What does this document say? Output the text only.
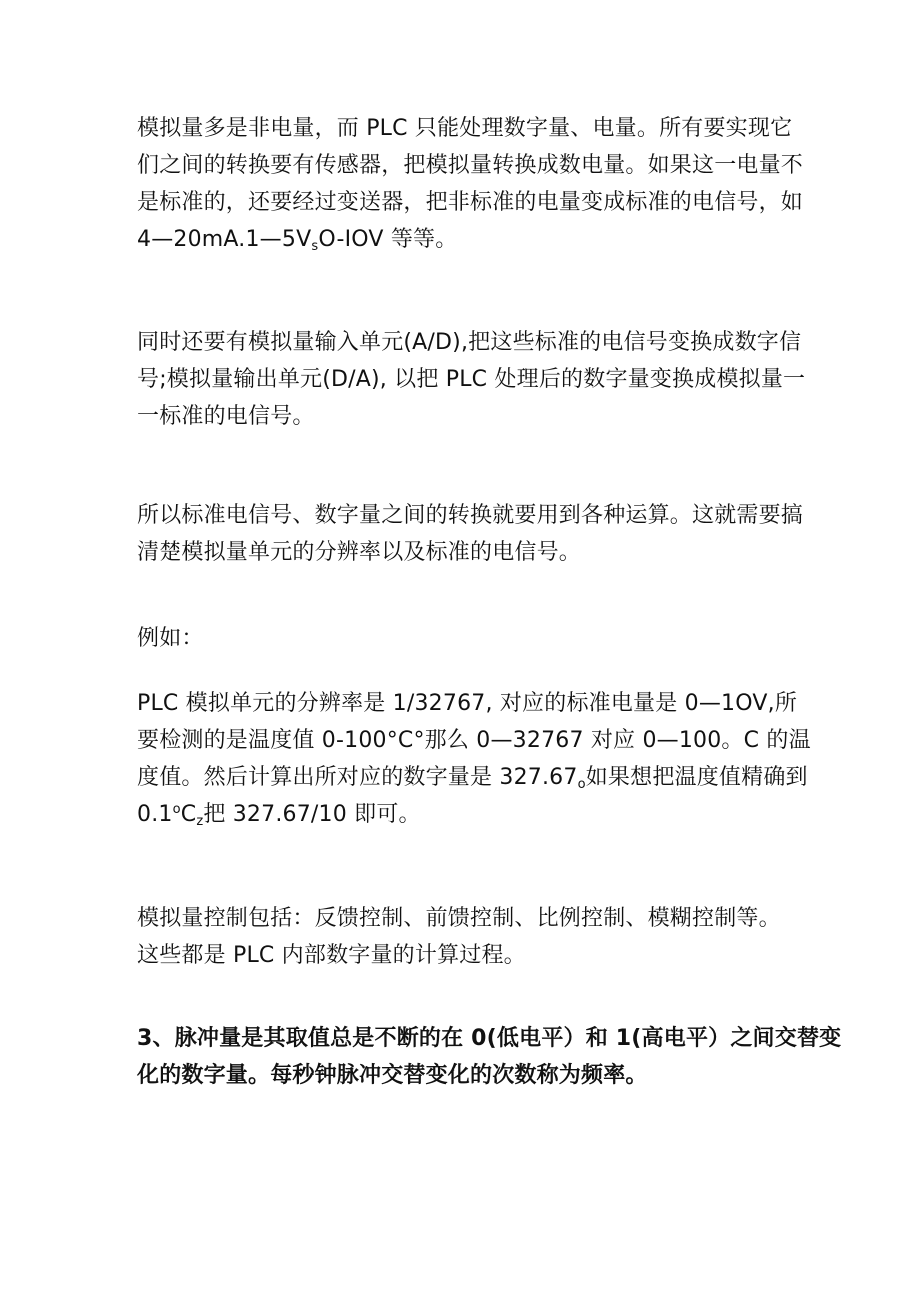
模拟量多是非电量，而 PLC 只能处理数字量、电量。所有要实现它
们之间的转换要有传感器，把模拟量转换成数电量。如果这一电量不
是标准的，还要经过变送器，把非标准的电量变成标准的电信号，如
$4—20mA.1—5V_sO$-IOV 等等。

同时还要有模拟量输入单元(A/D),把这些标准的电信号变换成数字信
号;模拟量输出单元(D/A), 以把 PLC 处理后的数字量变换成模拟量一
一标准的电信号。

所以标准电信号、数字量之间的转换就要用到各种运算。这就需要搞
清楚模拟量单元的分辨率以及标准的电信号。

例如：

PLC 模拟单元的分辨率是 1/32767, 对应的标准电量是 0—1OV,所
要检测的是温度值 0-100°C°那么 0—32767 对应 0—100。C 的温
度值。然后计算出所对应的数字量是 $327.67_o$如果想把温度值精确到
$0.1^oC_z$把 327.67/10 即可。

模拟量控制包括：反馈控制、前馈控制、比例控制、模糊控制等。
这些都是 PLC 内部数字量的计算过程。

3、脉冲量是其取值总是不断的在 0(低电平）和 1(高电平）之间交替变
化的数字量。每秒钟脉冲交替变化的次数称为频率。
